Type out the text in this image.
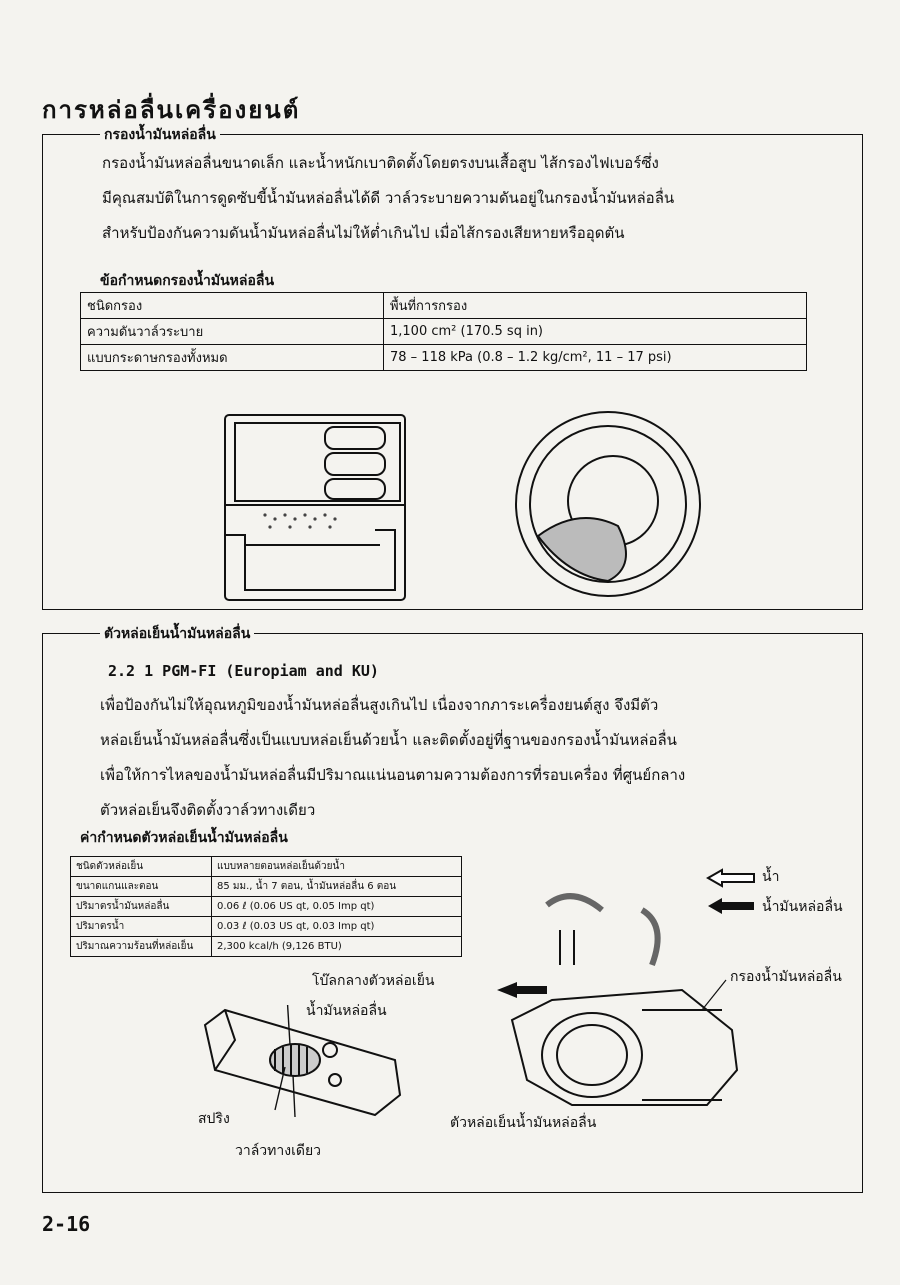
การหล่อลื่นเครื่องยนต์
กรองน้ำมันหล่อลื่น
กรองน้ำมันหล่อลื่นขนาดเล็ก และน้ำหนักเบาติดตั้งโดยตรงบนเสื้อสูบ ไส้กรองไฟเบอร์ซึ่ง
มีคุณสมบัติในการดูดซับขี้น้ำมันหล่อลื่นได้ดี วาล์วระบายความดันอยู่ในกรองน้ำมันหล่อลื่น
สำหรับป้องกันความดันน้ำมันหล่อลื่นไม่ให้ต่ำเกินไป เมื่อไส้กรองเสียหายหรืออุดตัน
ข้อกำหนดกรองน้ำมันหล่อลื่น
ชนิดกรอง	พื้นที่การกรอง
ความดันวาล์วระบาย	1,100 cm² (170.5 sq in)
แบบกระดาษกรองทั้งหมด	78 – 118 kPa (0.8 – 1.2 kg/cm², 11 – 17 psi)
ตัวหล่อเย็นน้ำมันหล่อลื่น
2.2 1 PGM-FI (Europiam and KU)
เพื่อป้องกันไม่ให้อุณหภูมิของน้ำมันหล่อลื่นสูงเกินไป เนื่องจากภาระเครื่องยนต์สูง จึงมีตัว
หล่อเย็นน้ำมันหล่อลื่นซึ่งเป็นแบบหล่อเย็นด้วยน้ำ และติดตั้งอยู่ที่ฐานของกรองน้ำมันหล่อลื่น
เพื่อให้การไหลของน้ำมันหล่อลื่นมีปริมาณแน่นอนตามความต้องการที่รอบเครื่อง ที่ศูนย์กลาง
ตัวหล่อเย็นจึงติดตั้งวาล์วทางเดียว
ค่ากำหนดตัวหล่อเย็นน้ำมันหล่อลื่น
ชนิดตัวหล่อเย็น	แบบหลายตอนหล่อเย็นด้วยน้ำ
ขนาดแกนและตอน	85 มม., น้ำ 7 ตอน, น้ำมันหล่อลื่น 6 ตอน
ปริมาตรน้ำมันหล่อลื่น	0.06 ℓ (0.06 US qt, 0.05 Imp qt)
ปริมาตรน้ำ	0.03 ℓ (0.03 US qt, 0.03 Imp qt)
ปริมาณความร้อนที่หล่อเย็น	2,300 kcal/h (9,126 BTU)
น้ำ
น้ำมันหล่อลื่น
โบ๊ลกลางตัวหล่อเย็น
น้ำมันหล่อลื่น
สปริง
วาล์วทางเดียว
กรองน้ำมันหล่อลื่น
ตัวหล่อเย็นน้ำมันหล่อลื่น
2-16
